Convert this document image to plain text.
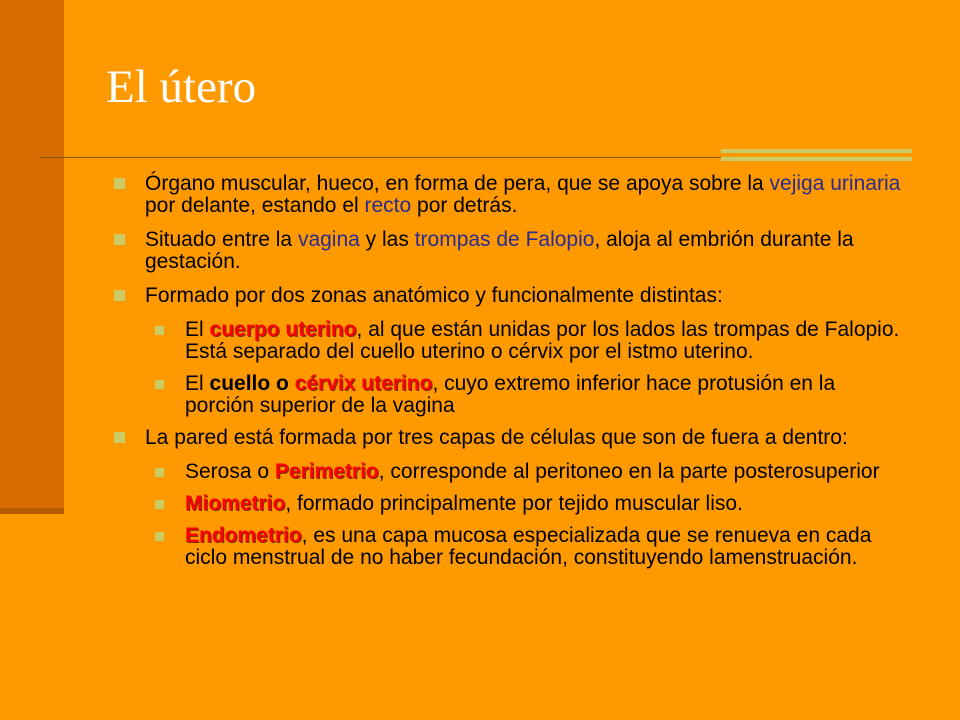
El útero
Órgano muscular, hueco, en forma de pera, que se apoya sobre la vejiga urinaria por delante, estando el recto por detrás.
Situado entre la vagina y las trompas de Falopio, aloja al embrión durante la gestación.
Formado por dos zonas anatómico y funcionalmente distintas:
El cuerpo uterino, al que están unidas por los lados las trompas de Falopio. Está separado del cuello uterino o cérvix por el istmo uterino.
El cuello o cérvix uterino, cuyo extremo inferior hace protusión en la porción superior de la vagina
La pared está formada por tres capas de células que son de fuera a dentro:
Serosa o Perimetrio, corresponde al peritoneo en la parte posterosuperior
Miometrio, formado principalmente por tejido muscular liso.
Endometrio, es una capa mucosa especializada que se renueva en cada ciclo menstrual de no haber fecundación, constituyendo lamenstruación.
